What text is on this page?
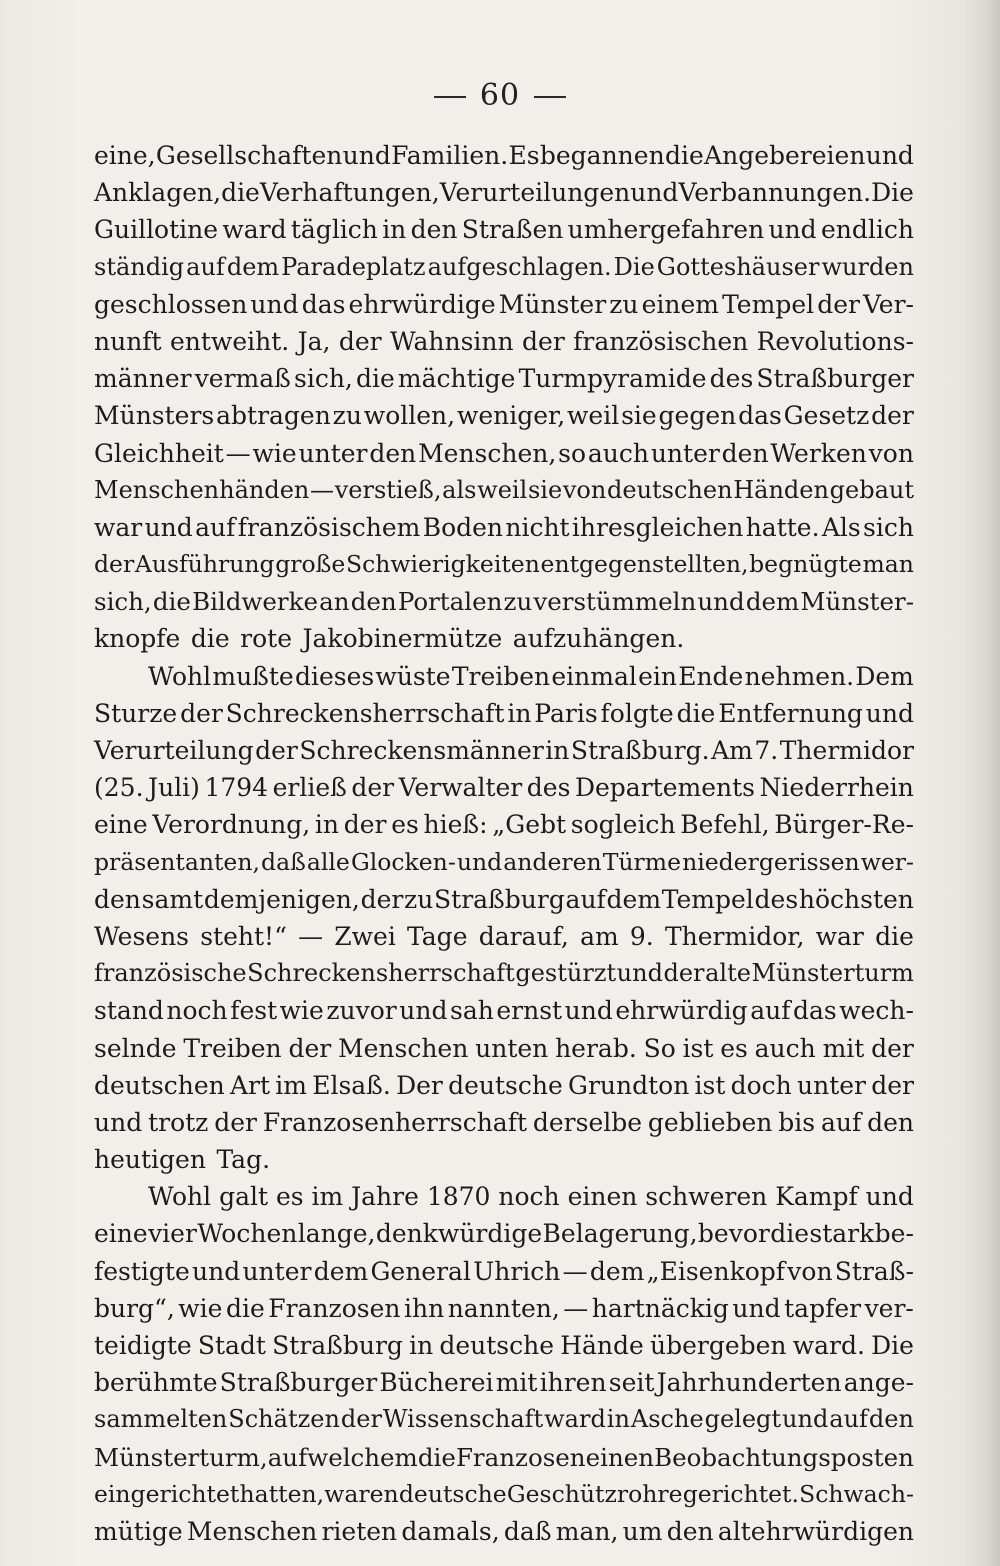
60
eine, Gesellschaften und Familien. Es begannen die Angebereien und
Anklagen, die Verhaftungen, Verurteilungen und Verbannungen. Die
Guillotine ward täglich in den Straßen umhergefahren und endlich
ständig auf dem Paradeplatz aufgeschlagen. Die Gotteshäuser wurden
geschlossen und das ehrwürdige Münster zu einem Tempel der Ver-
nunft entweiht. Ja, der Wahnsinn der französischen Revolutions-
männer vermaß sich, die mächtige Turmpyramide des Straßburger
Münsters abtragen zu wollen, weniger, weil sie gegen das Gesetz der
Gleichheit — wie unter den Menschen, so auch unter den Werken von
Menschenhänden — verstieß, als weil sie von deutschen Händen gebaut
war und auf französischem Boden nicht ihresgleichen hatte. Als sich
der Ausführung große Schwierigkeiten entgegenstellten, begnügte man
sich, die Bildwerke an den Portalen zu verstümmeln und dem Münster-
knopfe die rote Jakobinermütze aufzuhängen.
Wohl mußte dieses wüste Treiben einmal ein Ende nehmen. Dem
Sturze der Schreckensherrschaft in Paris folgte die Entfernung und
Verurteilung der Schreckensmänner in Straßburg. Am 7. Thermidor
(25. Juli) 1794 erließ der Verwalter des Departements Niederrhein
eine Verordnung, in der es hieß: „Gebt sogleich Befehl, Bürger-Re-
präsentanten, daß alle Glocken- und anderen Türme niedergerissen wer-
den samt demjenigen, der zu Straßburg auf dem Tempel des höchsten
Wesens steht!“ — Zwei Tage darauf, am 9. Thermidor, war die
französische Schreckensherrschaft gestürzt und der alte Münsterturm
stand noch fest wie zuvor und sah ernst und ehrwürdig auf das wech-
selnde Treiben der Menschen unten herab. So ist es auch mit der
deutschen Art im Elsaß. Der deutsche Grundton ist doch unter der
und trotz der Franzosenherrschaft derselbe geblieben bis auf den
heutigen Tag.
Wohl galt es im Jahre 1870 noch einen schweren Kampf und
eine vier Wochen lange, denkwürdige Belagerung, bevor die stark be-
festigte und unter dem General Uhrich — dem „Eisenkopf von Straß-
burg“, wie die Franzosen ihn nannten, — hartnäckig und tapfer ver-
teidigte Stadt Straßburg in deutsche Hände übergeben ward. Die
berühmte Straßburger Bücherei mit ihren seit Jahrhunderten ange-
sammelten Schätzen der Wissenschaft ward in Asche gelegt und auf den
Münsterturm, auf welchem die Franzosen einen Beobachtungsposten
eingerichtet hatten, waren deutsche Geschützrohre gerichtet. Schwach-
mütige Menschen rieten damals, daß man, um den altehrwürdigen
